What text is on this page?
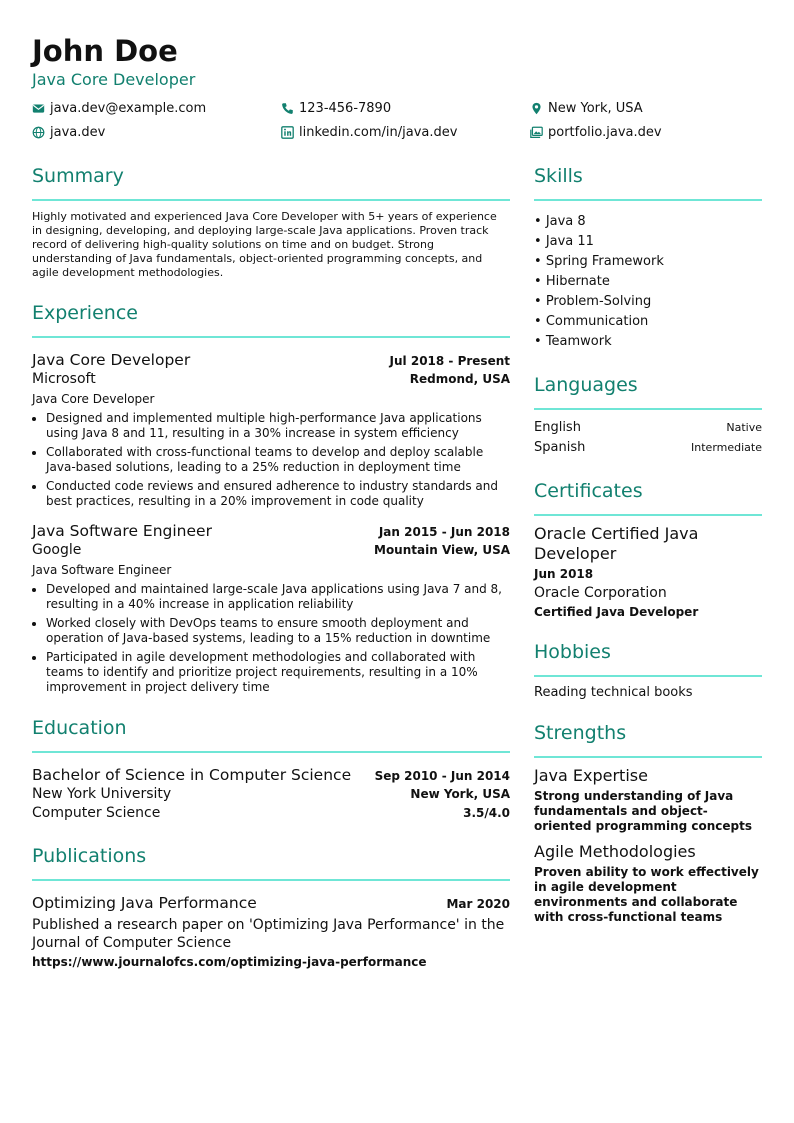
John Doe
Java Core Developer
java.dev@example.com	123-456-7890	New York, USA
java.dev	linkedin.com/in/java.dev	portfolio.java.dev
Summary
Highly motivated and experienced Java Core Developer with 5+ years of experience in designing, developing, and deploying large-scale Java applications. Proven track record of delivering high-quality solutions on time and on budget. Strong understanding of Java fundamentals, object-oriented programming concepts, and agile development methodologies.
Experience
Java Core Developer	Jul 2018 - Present
Microsoft	Redmond, USA
Java Core Developer
• Designed and implemented multiple high-performance Java applications using Java 8 and 11, resulting in a 30% increase in system efficiency
• Collaborated with cross-functional teams to develop and deploy scalable Java-based solutions, leading to a 25% reduction in deployment time
• Conducted code reviews and ensured adherence to industry standards and best practices, resulting in a 20% improvement in code quality
Java Software Engineer	Jan 2015 - Jun 2018
Google	Mountain View, USA
Java Software Engineer
• Developed and maintained large-scale Java applications using Java 7 and 8, resulting in a 40% increase in application reliability
• Worked closely with DevOps teams to ensure smooth deployment and operation of Java-based systems, leading to a 15% reduction in downtime
• Participated in agile development methodologies and collaborated with teams to identify and prioritize project requirements, resulting in a 10% improvement in project delivery time
Education
Bachelor of Science in Computer Science Sep 2010 - Jun 2014
New York University	New York, USA
Computer Science	3.5/4.0
Publications
Optimizing Java Performance	Mar 2020
Published a research paper on 'Optimizing Java Performance' in the Journal of Computer Science
https://www.journalofcs.com/optimizing-java-performance
Skills
• Java 8
• Java 11
• Spring Framework
• Hibernate
• Problem-Solving
• Communication
• Teamwork
Languages
English	Native
Spanish	Intermediate
Certificates
Oracle Certified Java Developer
Jun 2018
Oracle Corporation
Certified Java Developer
Hobbies
Reading technical books
Strengths
Java Expertise
Strong understanding of Java fundamentals and object-oriented programming concepts
Agile Methodologies
Proven ability to work effectively in agile development environments and collaborate with cross-functional teams
